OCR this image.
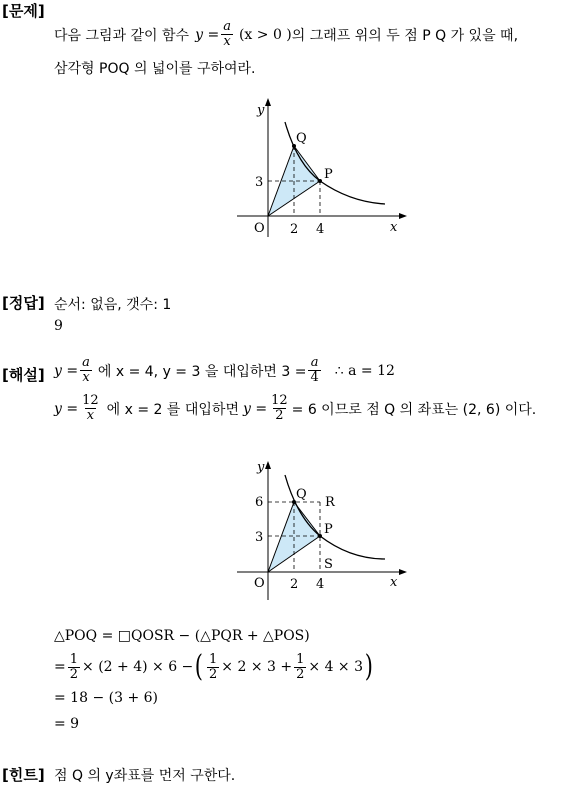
[문제]
[정답]
[해설]
[힌트]
다음 그림과 같이 함수 $y = \frac{a}{x} (x > 0$ ) 의 그래프 위의 두 점 P Q 가 있을 때,
삼각형 POQ 의 넓이를 구하여라.
y
x
O 2 4
3
Q
P
순서: 없음, 갯수: 1
9
$y = \frac{a}{x}$ 에 x = 4, y = 3 을 대입하면 $3 = \frac{a}{4}$ ∴ a = 12
$y = \frac{12}{x}$ 에 x = 2 를 대입하면 $y = \frac{12}{2} = 6$ 이므로 점 Q 의 좌표는 (2, 6) 이다.
y
x
O 2 4
3
6
Q
P
R
S
△POQ = □QOSR − (△PQR + △POS)
= $\frac{1}{2} \times (2 + 4) \times 6$ − ( $\frac{1}{2} \times 2 \times 3 + \frac{1}{2} \times 4 \times 3$ )
= 18 − (3 + 6)
= 9
점 Q 의 y좌표를 먼저 구한다.
